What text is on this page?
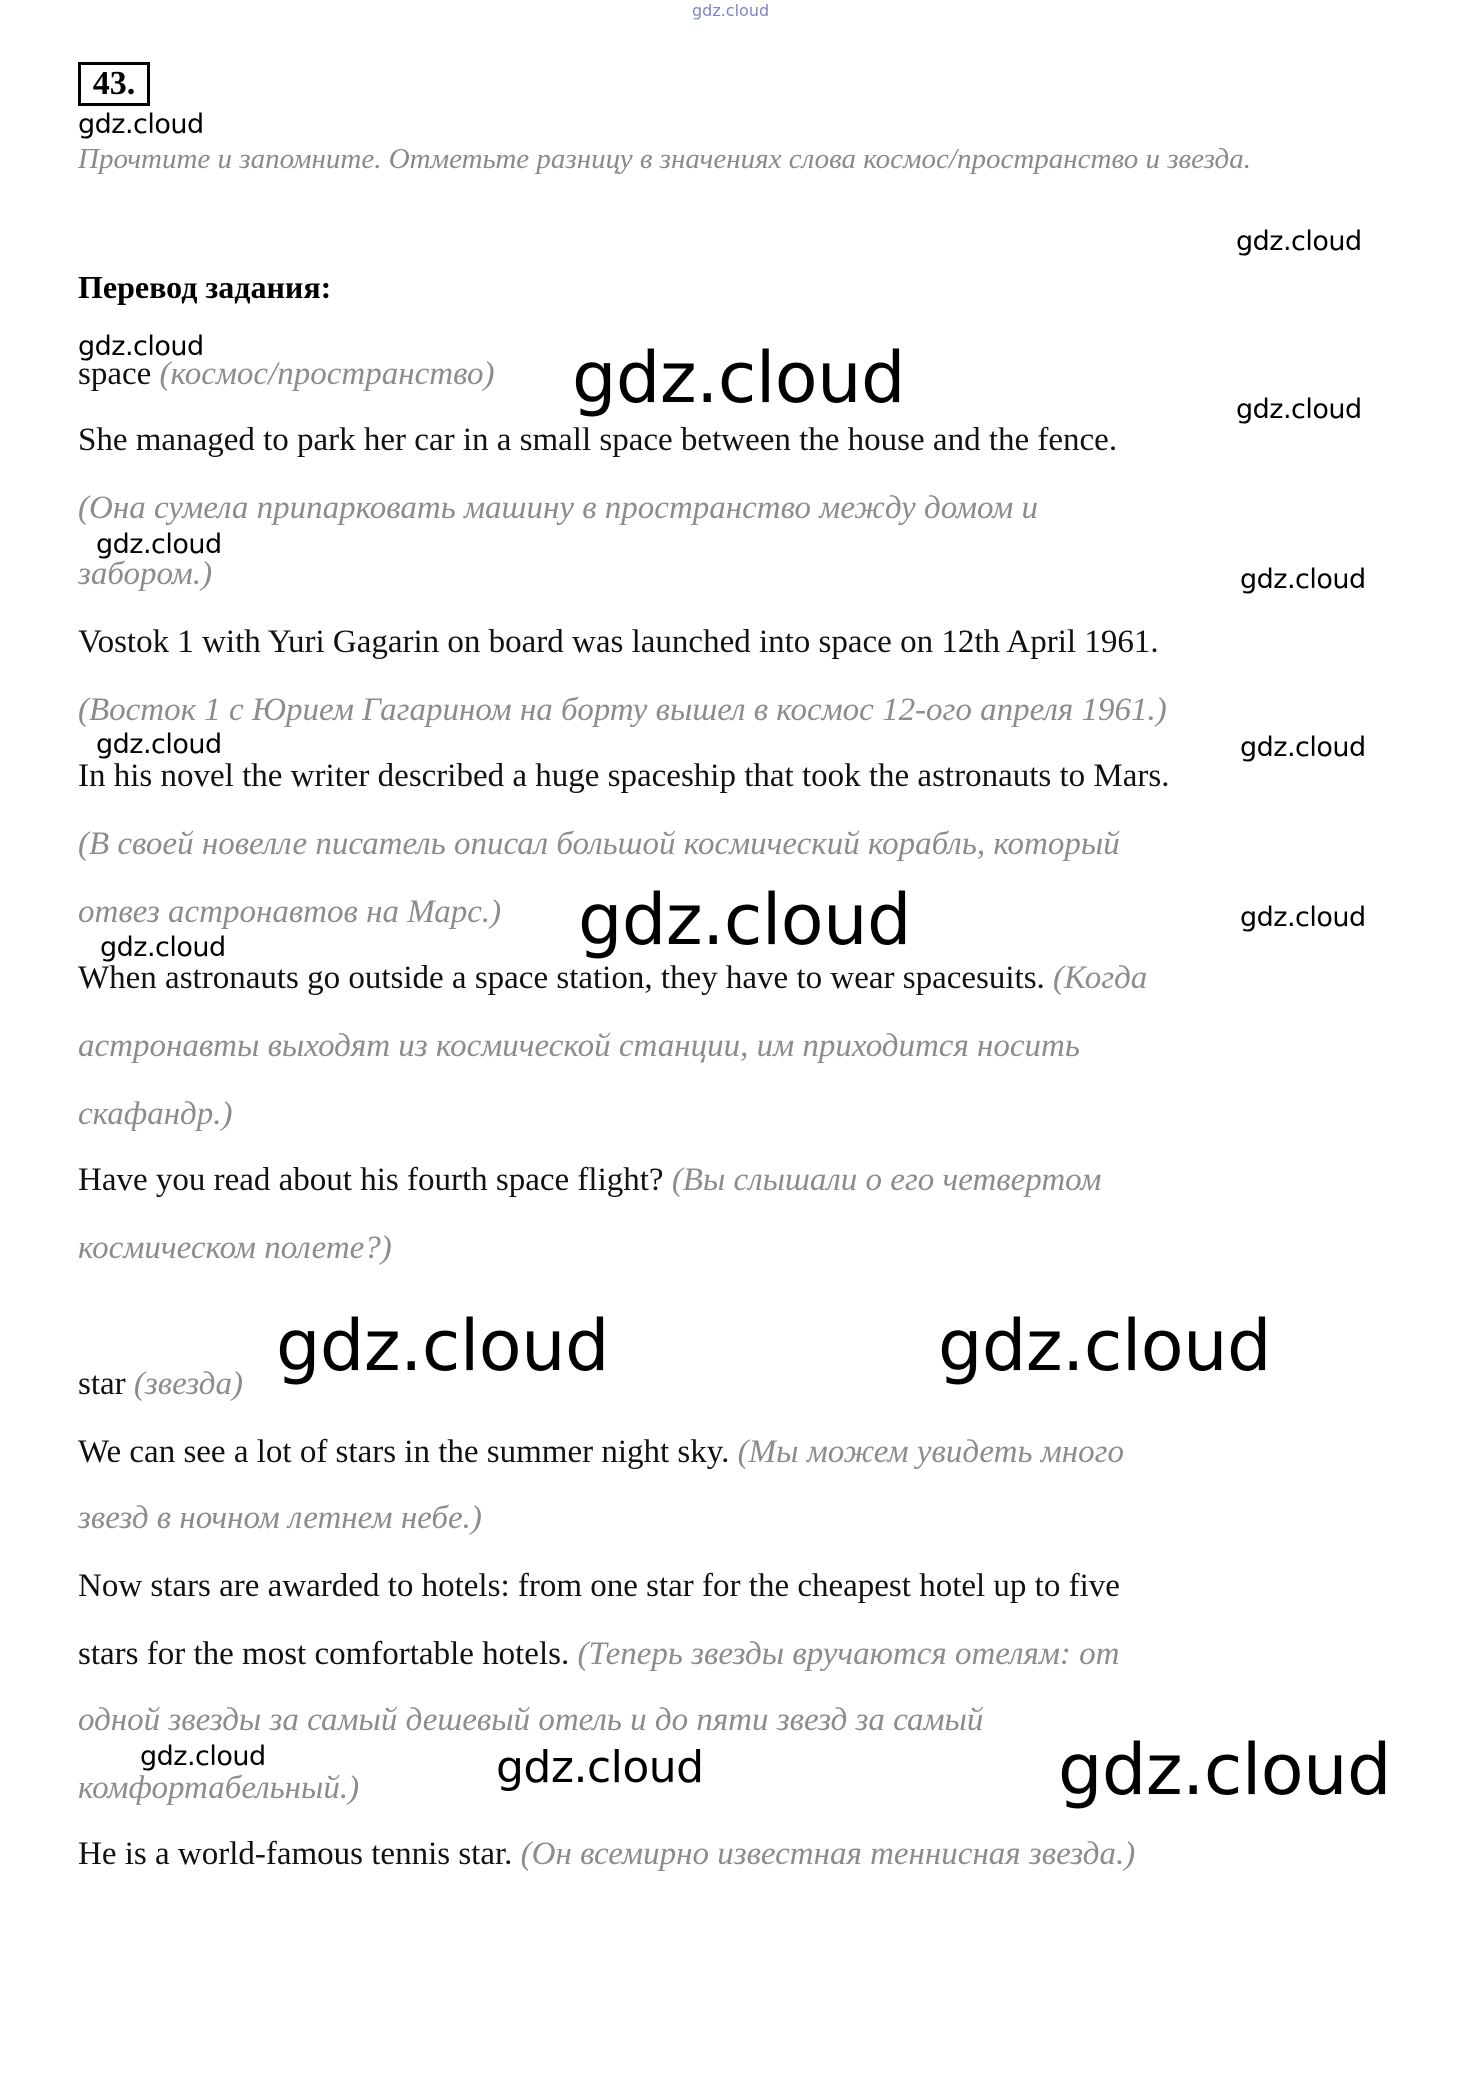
gdz.cloud
43.
Прочтите и запомните. Отметьте разницу в значениях слова космос/пространство и звезда.
Перевод задания:
space (космос/пространство)
She managed to park her car in a small space between the house and the fence.
(Она сумела припарковать машину в пространство между домом и
забором.)
Vostok 1 with Yuri Gagarin on board was launched into space on 12th April 1961.
(Восток 1 с Юрием Гагарином на борту вышел в космос 12-ого апреля 1961.)
In his novel the writer described a huge spaceship that took the astronauts to Mars.
(В своей новелле писатель описал большой космический корабль, который
отвез астронавтов на Марс.)
When astronauts go outside a space station, they have to wear spacesuits. (Когда
астронавты выходят из космической станции, им приходится носить
скафандр.)
Have you read about his fourth space flight? (Вы слышали о его четвертом
космическом полете?)
star (звезда)
We can see a lot of stars in the summer night sky. (Мы можем увидеть много
звезд в ночном летнем небе.)
Now stars are awarded to hotels: from one star for the cheapest hotel up to five
stars for the most comfortable hotels. (Теперь звезды вручаются отелям: от
одной звезды за самый дешевый отель и до пяти звезд за самый
комфортабельный.)
He is a world-famous tennis star. (Он всемирно известная теннисная звезда.)
gdz.cloud
gdz.cloud
gdz.cloud	gdz.cloud	gdz.cloud
gdz.cloud
gdz.cloud
gdz.cloud	gdz.cloud
gdz.cloud	gdz.cloud
gdz.cloud
gdz.cloud	gdz.cloud
gdz.cloud	gdz.cloud	gdz.cloud
